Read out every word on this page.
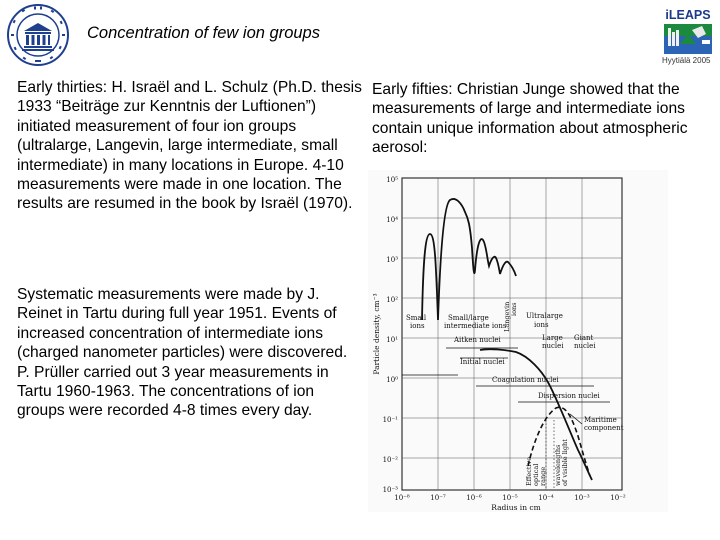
Concentration of few ion groups
iLEAPS
Hyytiälä 2005

Early thirties: H. Israël and L. Schulz (Ph.D. thesis 1933 “Beiträge zur Kenntnis der Luftionen”) initiated measurement of four ion groups (ultralarge, Langevin, large intermediate, small intermediate) in many locations in Europe. 4-10 measurements were made in one location. The results are resumed in the book by Israël (1970).

Systematic measurements were made by J. Reinet in Tartu during full year 1951. Events of increased concentration of intermediate ions (charged nanometer particles) were discovered. P. Prüller carried out 3 year measurements in Tartu 1960-1963. The concentrations of ion groups were recorded 4-8 times every day.

Early fifties: Christian Junge showed that the measurements of large and intermediate ions contain unique information about atmospheric aerosol:

10⁵
10⁴
10³
10²
10¹
10⁰
10⁻¹
10⁻²
10⁻³
10⁻⁸	10⁻⁷	10⁻⁶	10⁻⁵	10⁻⁴	10⁻³	10⁻²
Radius in cm
Particle density, cm⁻³	Small
ions
Small/large
intermediate ions
Langevin ions Ultralarge
ions
Large
nuclei
Giant
nuclei
Aitken nuclei
Initial nuclei
Coagulation nuclei
Dispersion nuclei
Maritime
component
Effective optical range wavelengths of visible light
